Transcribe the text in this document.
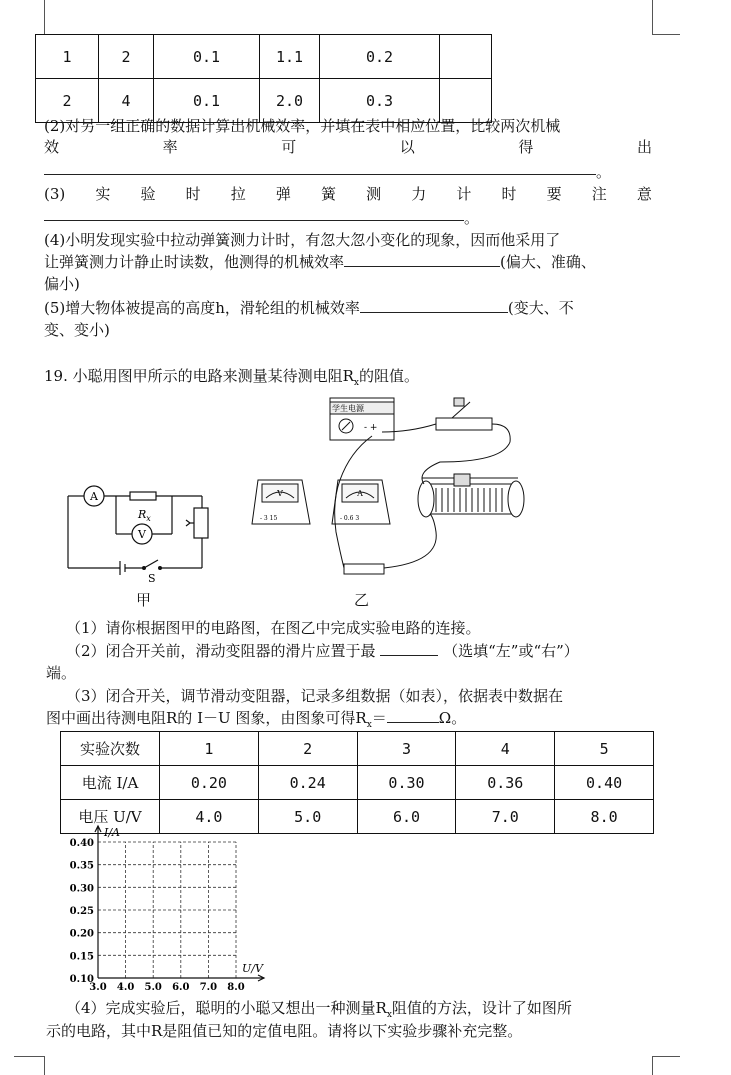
1	2	0.1	1.1	0.2	
2	4	0.1	2.0	0.3	
(2)对另一组正确的数据计算出机械效率，并填在表中相应位置，比较两次机械
效	率	可	以	得	出
。
(3) 实 验 时 拉 弹 簧 测 力 计 时 要 注 意
。
(4)小明发现实验中拉动弹簧测力计时，有忽大忽小变化的现象，因而他采用了
让弹簧测力计静止时读数，他测得的机械效率	(偏大、准确、
偏小)
(5)增大物体被提高的高度h，滑轮组的机械效率	(变大、不
变、变小)
19. 小聪用图甲所示的电路来测量某待测电阻$R_x$的阻值。
A
V
$R_x$
S
甲
学生电源
- +
V	A
- 3 15	- 0.6 3
乙
（1）请你根据图甲的电路图，在图乙中完成实验电路的连接。
（2）闭合开关前，滑动变阻器的滑片应置于最	（选填“左”或“右”）
端。
（3）闭合开关，调节滑动变阻器，记录多组数据（如表），依据表中数据在
图中画出待测电阻R的 I－U 图象，由图象可得$R_x=$	Ω。
实验次数	1	2	3	4	5
电流 I/A	0.20	0.24	0.30	0.36	0.40
电压 U/V	4.0	5.0	6.0	7.0	8.0
3.0 4.0 5.0 6.0 7.0 8.0
0.10
0.15
0.20
0.25
0.30
0.35
0.40
I/A
U/V
（4）完成实验后，聪明的小聪又想出一种测量$R_x$阻值的方法，设计了如图所
示的电路，其中R是阻值已知的定值电阻。请将以下实验步骤补充完整。
